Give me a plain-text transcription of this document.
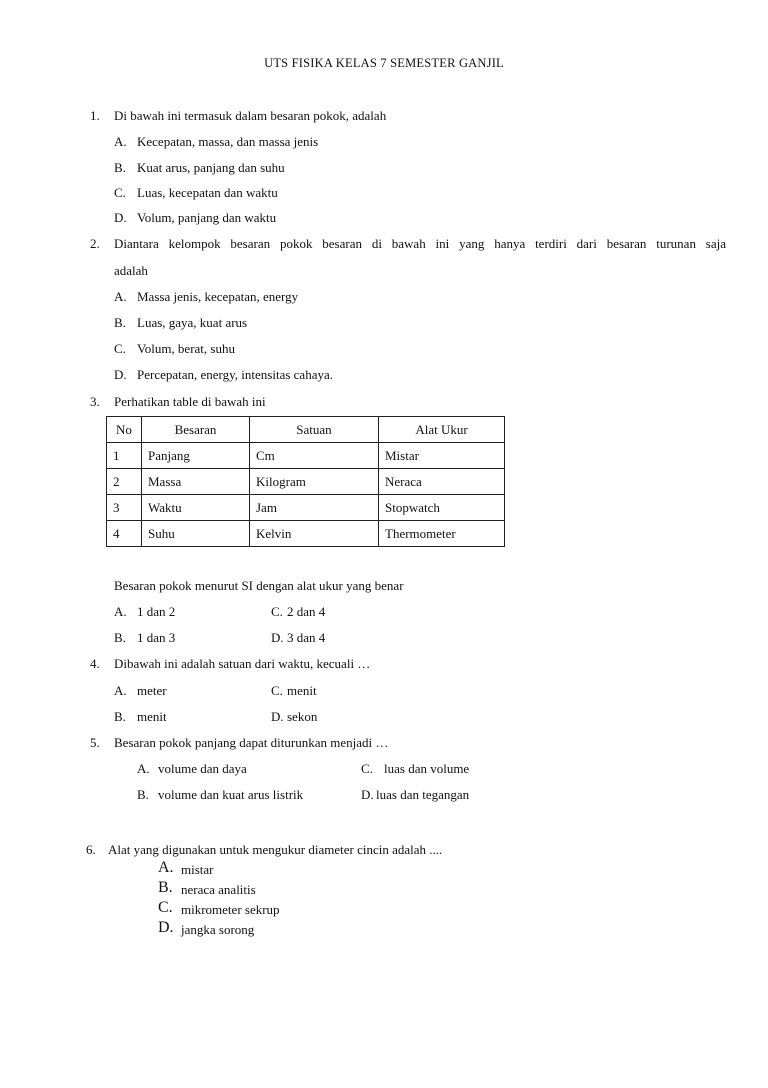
UTS FISIKA KELAS 7 SEMESTER GANJIL
1. Di bawah ini termasuk dalam besaran pokok, adalah
A. Kecepatan, massa, dan massa jenis
B. Kuat arus, panjang dan suhu
C. Luas, kecepatan dan waktu
D. Volum, panjang dan waktu
2. Diantara kelompok besaran pokok besaran di bawah ini yang hanya terdiri dari besaran turunan saja
adalah
A. Massa jenis, kecepatan, energy
B. Luas, gaya, kuat arus
C. Volum, berat, suhu
D. Percepatan, energy, intensitas cahaya.
3. Perhatikan table di bawah ini
No	Besaran	Satuan	Alat Ukur
1	Panjang	Cm	Mistar
2	Massa	Kilogram	Neraca
3	Waktu	Jam	Stopwatch
4	Suhu	Kelvin	Thermometer
Besaran pokok menurut SI dengan alat ukur yang benar
A. 1 dan 2	C. 2 dan 4
B. 1 dan 3	D. 3 dan 4
4. Dibawah ini adalah satuan dari waktu, kecuali …
A. meter	C. menit
B. menit	D. sekon
5. Besaran pokok panjang dapat diturunkan menjadi …
A. volume dan daya	C. luas dan volume
B. volume dan kuat arus listrik	D. luas dan tegangan
6. Alat yang digunakan untuk mengukur diameter cincin adalah ....
A. mistar
B. neraca analitis
C. mikrometer sekrup
D. jangka sorong
